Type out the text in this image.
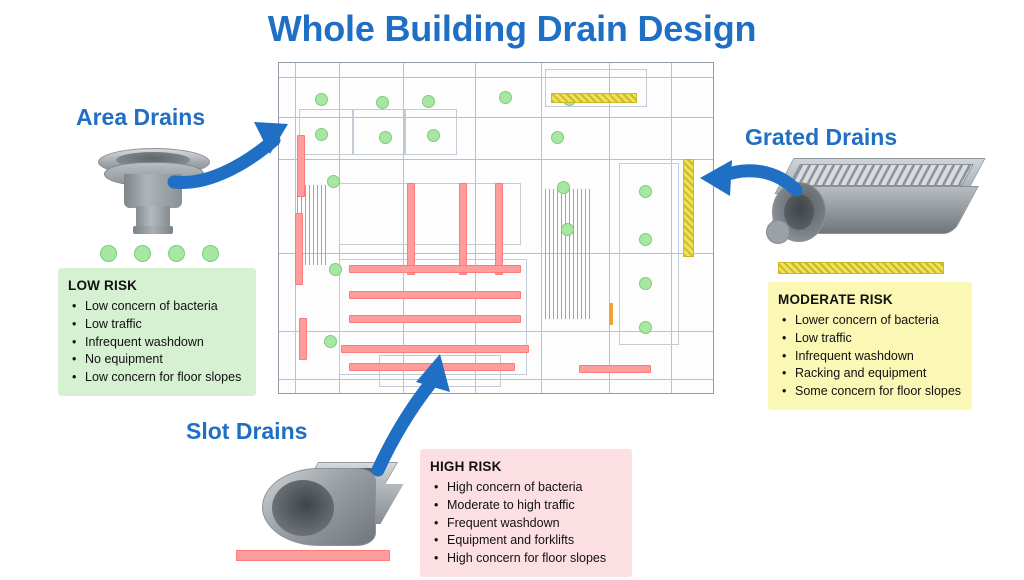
Whole Building Drain Design
Area Drains
Grated Drains
Slot Drains
LOW RISK
• Low concern of bacteria
• Low traffic
• Infrequent washdown
• No equipment
• Low concern for floor slopes
MODERATE RISK
• Lower concern of bacteria
• Low traffic
• Infrequent washdown
• Racking and equipment
• Some concern for floor slopes
HIGH RISK
• High concern of bacteria
• Moderate to high traffic
• Frequent washdown
• Equipment and forklifts
• High concern for floor slopes
